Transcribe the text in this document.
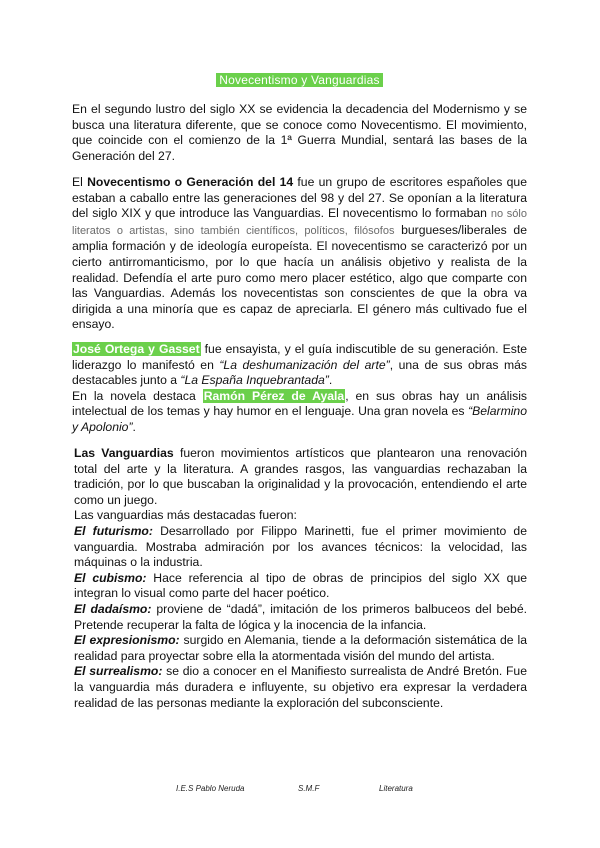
Novecentismo y Vanguardias

En el segundo lustro del siglo XX se evidencia la decadencia del Modernismo y se busca una literatura diferente, que se conoce como Novecentismo. El movimiento, que coincide con el comienzo de la 1ª Guerra Mundial, sentará las bases de la Generación del 27.

El Novecentismo o Generación del 14 fue un grupo de escritores españoles que estaban a caballo entre las generaciones del 98 y del 27. Se oponían a la literatura del siglo XIX y que introduce las Vanguardias. El novecentismo lo formaban no sólo literatos o artistas, sino también científicos, políticos, filósofos burgueses/liberales de amplia formación y de ideología europeísta. El novecentismo se caracterizó por un cierto antirromanticismo, por lo que hacía un análisis objetivo y realista de la realidad. Defendía el arte puro como mero placer estético, algo que comparte con las Vanguardias. Además los novecentistas son conscientes de que la obra va dirigida a una minoría que es capaz de apreciarla. El género más cultivado fue el ensayo.

José Ortega y Gasset fue ensayista, y el guía indiscutible de su generación. Este liderazgo lo manifestó en “La deshumanización del arte”, una de sus obras más destacables junto a “La España Inquebrantada”.

En la novela destaca Ramón Pérez de Ayala, en sus obras hay un análisis intelectual de los temas y hay humor en el lenguaje. Una gran novela es “Belarmino y Apolonio”.

Las Vanguardias fueron movimientos artísticos que plantearon una renovación total del arte y la literatura. A grandes rasgos, las vanguardias rechazaban la tradición, por lo que buscaban la originalidad y la provocación, entendiendo el arte como un juego.

Las vanguardias más destacadas fueron:

El futurismo: Desarrollado por Filippo Marinetti, fue el primer movimiento de vanguardia. Mostraba admiración por los avances técnicos: la velocidad, las máquinas o la industria.

El cubismo: Hace referencia al tipo de obras de principios del siglo XX que integran lo visual como parte del hacer poético.

El dadaísmo: proviene de “dadá”, imitación de los primeros balbuceos del bebé. Pretende recuperar la falta de lógica y la inocencia de la infancia.

El expresionismo: surgido en Alemania, tiende a la deformación sistemática de la realidad para proyectar sobre ella la atormentada visión del mundo del artista.

El surrealismo: se dio a conocer en el Manifiesto surrealista de André Bretón. Fue la vanguardia más duradera e influyente, su objetivo era expresar la verdadera realidad de las personas mediante la exploración del subconsciente.

I.E.S Pablo Neruda	S.M.F	Literatura
